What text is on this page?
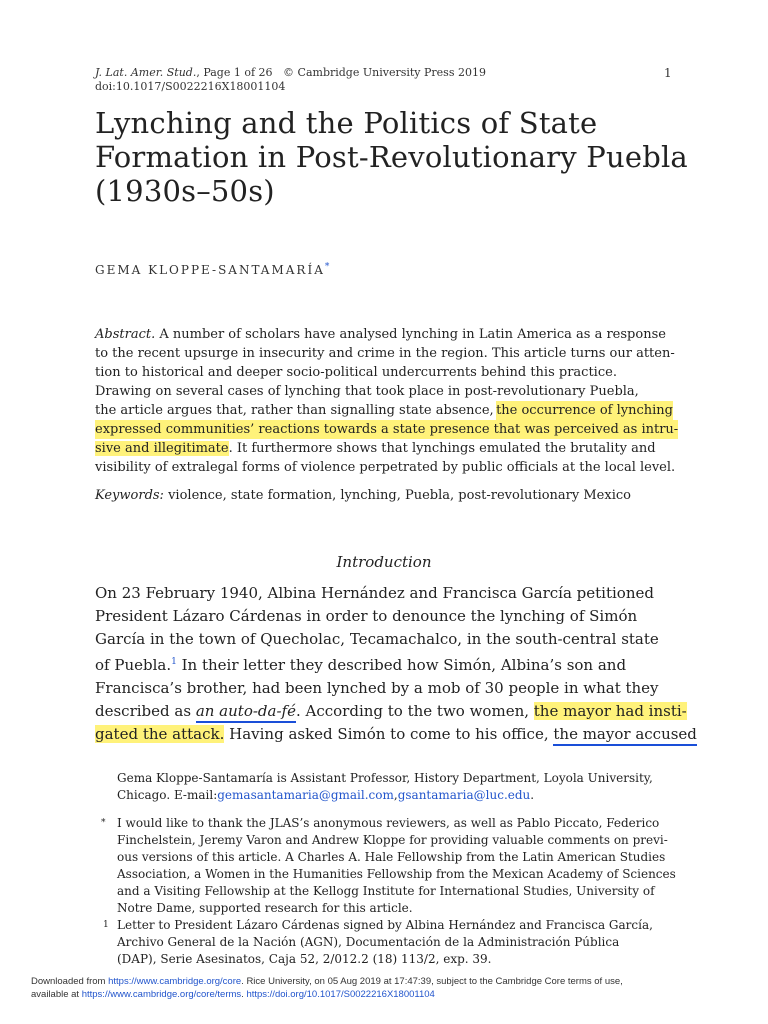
J. Lat. Amer. Stud., Page 1 of 26 © Cambridge University Press 2019
doi:10.1017/S0022216X18001104
1
Lynching and the Politics of State
Formation in Post-Revolutionary Puebla
(1930s–50s)
GEMA KLOPPE-SANTAMARÍA*
Abstract. A number of scholars have analysed lynching in Latin America as a response
to the recent upsurge in insecurity and crime in the region. This article turns our atten-
tion to historical and deeper socio-political undercurrents behind this practice.
Drawing on several cases of lynching that took place in post-revolutionary Puebla,
the article argues that, rather than signalling state absence, the occurrence of lynching
expressed communities’ reactions towards a state presence that was perceived as intru-
sive and illegitimate. It furthermore shows that lynchings emulated the brutality and
visibility of extralegal forms of violence perpetrated by public officials at the local level.
Keywords: violence, state formation, lynching, Puebla, post-revolutionary Mexico
Introduction
On 23 February 1940, Albina Hernández and Francisca García petitioned
President Lázaro Cárdenas in order to denounce the lynching of Simón
García in the town of Quecholac, Tecamachalco, in the south-central state
of Puebla.$^1$ In their letter they described how Simón, Albina’s son and
Francisca’s brother, had been lynched by a mob of 30 people in what they
described as an auto-da-fé. According to the two women, the mayor had insti-
gated the attack. Having asked Simón to come to his office, the mayor accused
Gema Kloppe-Santamaría is Assistant Professor, History Department, Loyola University,
Chicago. E-mail: gemasantamaria@gmail.com , gsantamaria@luc.edu .
* I would like to thank the JLAS’s anonymous reviewers, as well as Pablo Piccato, Federico
Finchelstein, Jeremy Varon and Andrew Kloppe for providing valuable comments on previ-
ous versions of this article. A Charles A. Hale Fellowship from the Latin American Studies
Association, a Women in the Humanities Fellowship from the Mexican Academy of Sciences
and a Visiting Fellowship at the Kellogg Institute for International Studies, University of
Notre Dame, supported research for this article.
1 Letter to President Lázaro Cárdenas signed by Albina Hernández and Francisca García,
Archivo General de la Nación (AGN), Documentación de la Administración Pública
(DAP), Serie Asesinatos, Caja 52, 2/012.2 (18) 113/2, exp. 39.
Downloaded from https://www.cambridge.org/core. Rice University, on 05 Aug 2019 at 17:47:39, subject to the Cambridge Core terms of use,
available at https://www.cambridge.org/core/terms. https://doi.org/10.1017/S0022216X18001104
